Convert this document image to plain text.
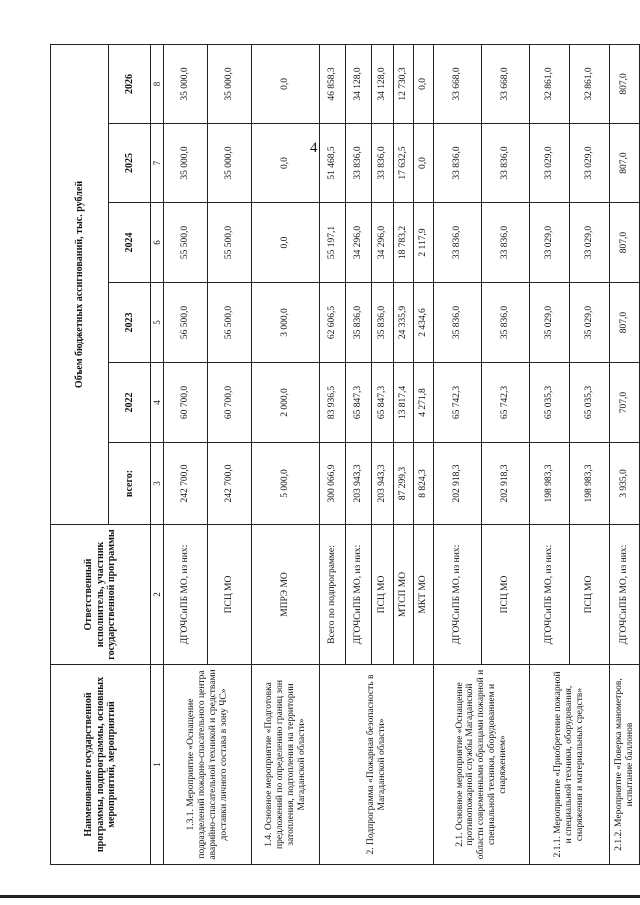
4
Наименование государственной программы, подпрограммы, основных мероприятий, мероприятий	Ответственный исполнитель, участник государственной программы	Объем бюджетных ассигнований, тыс. рублей					
		всего:	2022	2023	2024	2025	2026
1	2	3	4	5	6	7	8
1.3.1. Мероприятие «Оснащение подразделений пожарно-спасательного центра аварийно-спасательной техникой и средствами доставки личного состава в зону ЧС»	ДГОЧСиПБ МО, из них:	242 700,0	60 700,0	56 500,0	55 500,0	35 000,0	35 000,0
	ПСЦ МО	242 700,0	60 700,0	56 500,0	55 500,0	35 000,0	35 000,0
1.4. Основное мероприятие «Подготовка предложений по определению границ зон затопления, подтопления на территории Магаданской области»	МПРЭ МО	5 000,0	2 000,0	3 000,0	0,0	0,0	0,0
2. Подпрограмма «Пожарная безопасность в Магаданской области»	Всего по подпрограмме:	300 066,9	83 936,5	62 606,5	55 197,1	51 468,5	46 858,3
	ДГОЧСиПБ МО, из них:	203 943,3	65 847,3	35 836,0	34 296,0	33 836,0	34 128,0
	ПСЦ МО	203 943,3	65 847,3	35 836,0	34 296,0	33 836,0	34 128,0
	МТСП МО	87 299,3	13 817,4	24 335,9	18 783,2	17 632,5	12 730,3
	МКТ МО	8 824,3	4 271,8	2 434,6	2 117,9	0,0	0,0
2.1. Основное мероприятие «Оснащение противопожарной службы Магаданской области современными образцами пожарной и специальной техники, оборудованием и снаряжением»	ДГОЧСиПБ МО, из них:	202 918,3	65 742,3	35 836,0	33 836,0	33 836,0	33 668,0
	ПСЦ МО	202 918,3	65 742,3	35 836,0	33 836,0	33 836,0	33 668,0
2.1.1. Мероприятие «Приобретение пожарной и специальной техники, оборудования, снаряжения и материальных средств»	ДГОЧСиПБ МО, из них:	198 983,3	65 035,3	35 029,0	33 029,0	33 029,0	32 861,0
	ПСЦ МО	198 983,3	65 035,3	35 029,0	33 029,0	33 029,0	32 861,0
2.1.2. Мероприятие «Поверка манометров, испытание баллонов	ДГОЧСиПБ МО, из них:	3 935,0	707,0	807,0	807,0	807,0	807,0
